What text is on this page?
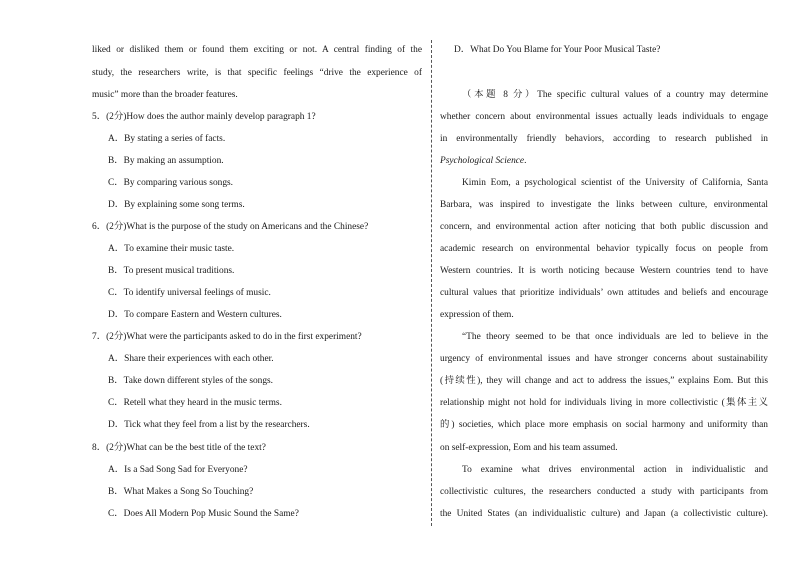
liked or disliked them or found them exciting or not. A central finding of the
study, the researchers write, is that specific feelings “drive the experience of
music” more than the broader features.
5．(2分)How does the author mainly develop paragraph 1?
A．By stating a series of facts.
B．By making an assumption.
C．By comparing various songs.
D．By explaining some song terms.
6．(2分)What is the purpose of the study on Americans and the Chinese?
A．To examine their music taste.
B．To present musical traditions.
C．To identify universal feelings of music.
D．To compare Eastern and Western cultures.
7．(2分)What were the participants asked to do in the first experiment?
A．Share their experiences with each other.
B．Take down different styles of the songs.
C．Retell what they heard in the music terms.
D．Tick what they feel from a list by the researchers.
8．(2分)What can be the best title of the text?
A．Is a Sad Song Sad for Everyone?
B．What Makes a Song So Touching?
C．Does All Modern Pop Music Sound the Same?
D．What Do You Blame for Your Poor Musical Taste?
（本题 8 分）The specific cultural values of a country may determine
whether concern about environmental issues actually leads individuals to engage
in environmentally friendly behaviors, according to research published in
Psychological Science.
Kimin Eom, a psychological scientist of the University of California, Santa
Barbara, was inspired to investigate the links between culture, environmental
concern, and environmental action after noticing that both public discussion and
academic research on environmental behavior typically focus on people from
Western countries. It is worth noticing because Western countries tend to have
cultural values that prioritize individuals’ own attitudes and beliefs and encourage
expression of them.
“The theory seemed to be that once individuals are led to believe in the
urgency of environmental issues and have stronger concerns about sustainability
(持续性), they will change and act to address the issues,” explains Eom. But this
relationship might not hold for individuals living in more collectivistic (集体主义
的) societies, which place more emphasis on social harmony and uniformity than
on self-expression, Eom and his team assumed.
To examine what drives environmental action in individualistic and
collectivistic cultures, the researchers conducted a study with participants from
the United States (an individualistic culture) and Japan (a collectivistic culture).
